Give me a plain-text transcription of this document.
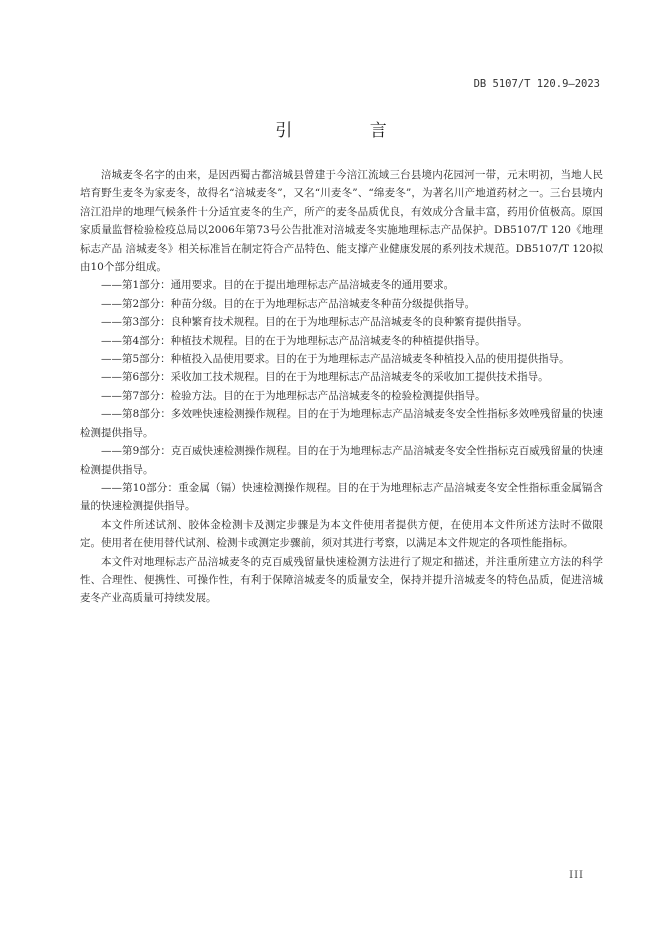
DB 5107/T 120.9—2023
引 言

涪城麦冬名字的由来，是因西蜀古都涪城县曾建于今涪江流域三台县境内花园河一带，元末明初，当地人民培育野生麦冬为家麦冬，故得名“涪城麦冬”，又名“川麦冬”、“绵麦冬”，为著名川产地道药材之一。三台县境内涪江沿岸的地理气候条件十分适宜麦冬的生产，所产的麦冬品质优良，有效成分含量丰富，药用价值极高。原国家质量监督检验检疫总局以2006年第73号公告批准对涪城麦冬实施地理标志产品保护。DB5107/T 120《地理标志产品 涪城麦冬》相关标准旨在制定符合产品特色、能支撑产业健康发展的系列技术规范。DB5107/T 120拟由10个部分组成。

——第1部分：通用要求。目的在于提出地理标志产品涪城麦冬的通用要求。

——第2部分：种苗分级。目的在于为地理标志产品涪城麦冬种苗分级提供指导。

——第3部分：良种繁育技术规程。目的在于为地理标志产品涪城麦冬的良种繁育提供指导。

——第4部分：种植技术规程。目的在于为地理标志产品涪城麦冬的种植提供指导。

——第5部分：种植投入品使用要求。目的在于为地理标志产品涪城麦冬种植投入品的使用提供指导。

——第6部分：采收加工技术规程。目的在于为地理标志产品涪城麦冬的采收加工提供技术指导。

——第7部分：检验方法。目的在于为地理标志产品涪城麦冬的检验检测提供指导。

——第8部分：多效唑快速检测操作规程。目的在于为地理标志产品涪城麦冬安全性指标多效唑残留量的快速检测提供指导。

——第9部分：克百威快速检测操作规程。目的在于为地理标志产品涪城麦冬安全性指标克百威残留量的快速检测提供指导。

——第10部分：重金属（镉）快速检测操作规程。目的在于为地理标志产品涪城麦冬安全性指标重金属镉含量的快速检测提供指导。

本文件所述试剂、胶体金检测卡及测定步骤是为本文件使用者提供方便，在使用本文件所述方法时不做限定。使用者在使用替代试剂、检测卡或测定步骤前，须对其进行考察，以满足本文件规定的各项性能指标。

本文件对地理标志产品涪城麦冬的克百威残留量快速检测方法进行了规定和描述，并注重所建立方法的科学性、合理性、便携性、可操作性，有利于保障涪城麦冬的质量安全，保持并提升涪城麦冬的特色品质，促进涪城麦冬产业高质量可持续发展。

III
